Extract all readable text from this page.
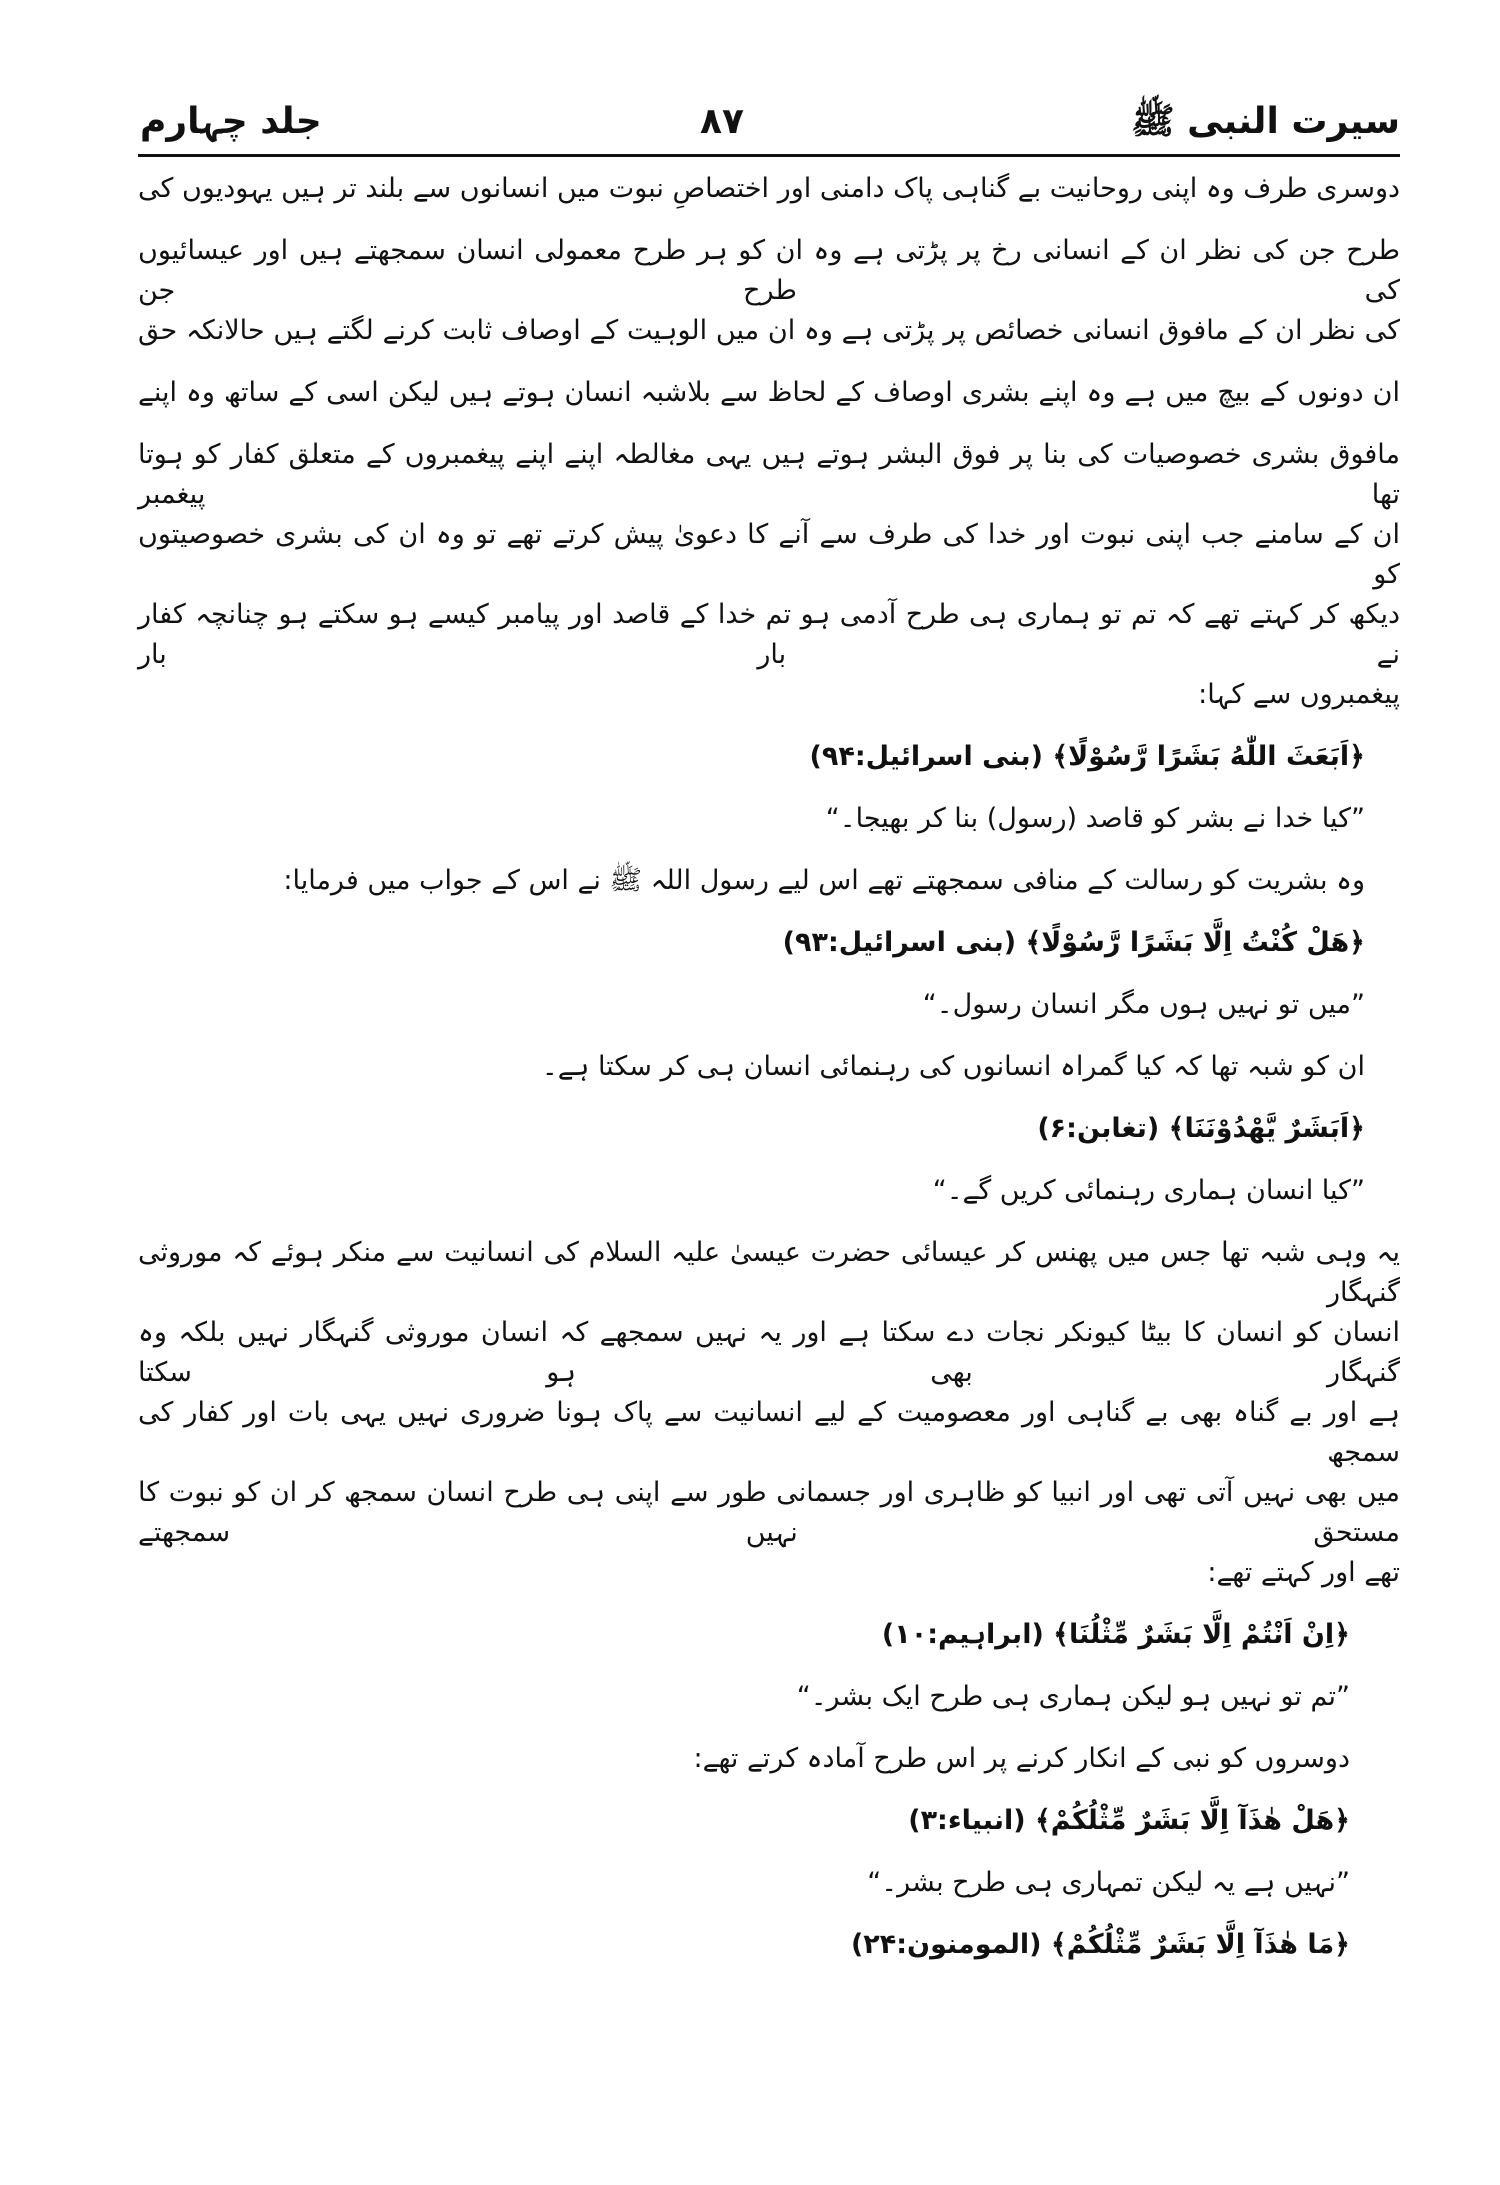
سیرت النبی ﷺ
۸۷
جلد چہارم
دوسری طرف وہ اپنی روحانیت بے گناہی پاک دامنی اور اختصاصِ نبوت میں انسانوں سے بلند تر ہیں یہودیوں کی
طرح جن کی نظر ان کے انسانی رخ پر پڑتی ہے وہ ان کو ہر طرح معمولی انسان سمجھتے ہیں اور عیسائیوں کی طرح جن
کی نظر ان کے مافوق انسانی خصائص پر پڑتی ہے وہ ان میں الوہیت کے اوصاف ثابت کرنے لگتے ہیں حالانکہ حق
ان دونوں کے بیچ میں ہے وہ اپنے بشری اوصاف کے لحاظ سے بلاشبہ انسان ہوتے ہیں لیکن اسی کے ساتھ وہ اپنے
مافوق بشری خصوصیات کی بنا پر فوق البشر ہوتے ہیں یہی مغالطہ اپنے اپنے پیغمبروں کے متعلق کفار کو ہوتا تھا پیغمبر
ان کے سامنے جب اپنی نبوت اور خدا کی طرف سے آنے کا دعویٰ پیش کرتے تھے تو وہ ان کی بشری خصوصیتوں کو
دیکھ کر کہتے تھے کہ تم تو ہماری ہی طرح آدمی ہو تم خدا کے قاصد اور پیامبر کیسے ہو سکتے ہو چنانچہ کفار نے بار بار
پیغمبروں سے کہا:
﴿اَبَعَثَ اللّٰهُ بَشَرًا رَّسُوْلًا﴾ (بنی اسرائیل:۹۴)
”کیا خدا نے بشر کو قاصد (رسول) بنا کر بھیجا۔“
وہ بشریت کو رسالت کے منافی سمجھتے تھے اس لیے رسول اللہ ﷺ نے اس کے جواب میں فرمایا:
﴿هَلْ كُنْتُ اِلَّا بَشَرًا رَّسُوْلًا﴾ (بنی اسرائیل:۹۳)
”میں تو نہیں ہوں مگر انسان رسول۔“
ان کو شبہ تھا کہ کیا گمراہ انسانوں کی رہنمائی انسان ہی کر سکتا ہے۔
﴿اَبَشَرٌ يَّهْدُوْنَنَا﴾ (تغابن:۶)
”کیا انسان ہماری رہنمائی کریں گے۔“
یہ وہی شبہ تھا جس میں پھنس کر عیسائی حضرت عیسیٰ علیہ السلام کی انسانیت سے منکر ہوئے کہ موروثی گنہگار
انسان کو انسان کا بیٹا کیونکر نجات دے سکتا ہے اور یہ نہیں سمجھے کہ انسان موروثی گنہگار نہیں بلکہ وہ گنہگار بھی ہو سکتا
ہے اور بے گناہ بھی بے گناہی اور معصومیت کے لیے انسانیت سے پاک ہونا ضروری نہیں یہی بات اور کفار کی سمجھ
میں بھی نہیں آتی تھی اور انبیا کو ظاہری اور جسمانی طور سے اپنی ہی طرح انسان سمجھ کر ان کو نبوت کا مستحق نہیں سمجھتے
تھے اور کہتے تھے:
﴿اِنْ اَنْتُمْ اِلَّا بَشَرٌ مِّثْلُنَا﴾ (ابراہیم:۱۰)
”تم تو نہیں ہو لیکن ہماری ہی طرح ایک بشر۔“
دوسروں کو نبی کے انکار کرنے پر اس طرح آمادہ کرتے تھے:
﴿هَلْ هٰذَآ اِلَّا بَشَرٌ مِّثْلُكُمْ﴾ (انبیاء:۳)
”نہیں ہے یہ لیکن تمہاری ہی طرح بشر۔“
﴿مَا هٰذَآ اِلَّا بَشَرٌ مِّثْلُكُمْ﴾ (المومنون:۲۴)
